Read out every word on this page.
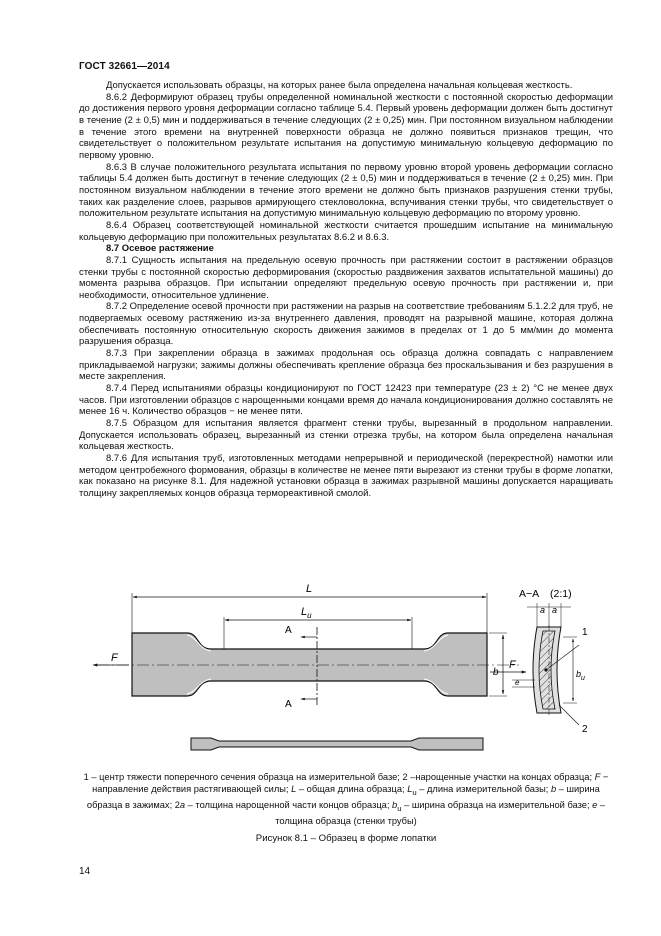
ГОСТ 32661—2014

Допускается использовать образцы, на которых ранее была определена начальная кольцевая жесткость.

8.6.2 Деформируют образец трубы определенной номинальной жесткости с постоянной скоростью деформации до достижения первого уровня деформации согласно таблице 5.4. Первый уровень деформации должен быть достигнут в течение (2 ± 0,5) мин и поддерживаться в течение следующих (2 ± 0,25) мин. При постоянном визуальном наблюдении в течение этого времени на внутренней поверхности образца не должно появиться признаков трещин, что свидетельствует о положительном результате испытания на допустимую минимальную кольцевую деформацию по первому уровню.

8.6.3 В случае положительного результата испытания по первому уровню второй уровень деформации согласно таблицы 5.4 должен быть достигнут в течение следующих (2 ± 0,5) мин и поддерживаться в течение (2 ± 0,25) мин. При постоянном визуальном наблюдении в течение этого времени не должно быть признаков разрушения стенки трубы, таких как разделение слоев, разрывов армирующего стекловолокна, вспучивания стенки трубы, что свидетельствует о положительном результате испытания на допустимую минимальную кольцевую деформацию по второму уровню.

8.6.4 Образец соответствующей номинальной жесткости считается прошедшим испытание на минимальную кольцевую деформацию при положительных результатах 8.6.2 и 8.6.3.

8.7 Осевое растяжение

8.7.1 Сущность испытания на предельную осевую прочность при растяжении состоит в растяжении образцов стенки трубы с постоянной скоростью деформирования (скоростью раздвижения захватов испытательной машины) до момента разрыва образцов. При испытании определяют предельную осевую прочность при растяжении и, при необходимости, относительное удлинение.

8.7.2 Определение осевой прочности при растяжении на разрыв на соответствие требованиям 5.1.2.2 для труб, не подвергаемых осевому растяжению из-за внутреннего давления, проводят на разрывной машине, которая должна обеспечивать постоянную относительную скорость движения зажимов в пределах от 1 до 5 мм/мин до момента разрушения образца.

8.7.3 При закреплении образца в зажимах продольная ось образца должна совпадать с направлением прикладываемой нагрузки; зажимы должны обеспечивать крепление образца без проскальзывания и без разрушения в месте закрепления.

8.7.4 Перед испытаниями образцы кондиционируют по ГОСТ 12423 при температуре (23 ± 2) °С не менее двух часов. При изготовлении образцов с нарощенными концами время до начала кондиционирования должно составлять не менее 16 ч. Количество образцов − не менее пяти.

8.7.5 Образцом для испытания является фрагмент стенки трубы, вырезанный в продольном направлении. Допускается использовать образец, вырезанный из стенки отрезка трубы, на котором была определена начальная кольцевая жесткость.

8.7.6 Для испытания труб, изготовленных методами непрерывной и периодической (перекрестной) намотки или методом центробежного формования, образцы в количестве не менее пяти вырезают из стенки трубы в форме лопатки, как показано на рисунке 8.1. Для надежной установки образца в зажимах разрывной машины допускается наращивать толщину закрепляемых концов образца термореактивной смолой.

L
$L_u$
F
F
А
А
b
А−А (2:1)
a a
1
2
$b_u$
e
1 – центр тяжести поперечного сечения образца на измерительной базе; 2 –нарощенные участки на концах образца; F − направление действия растягивающей силы; L – общая длина образца; $L_u$ – длина измерительной базы; b – ширина образца в зажимах; 2a – толщина нарощенной части концов образца; $b_u$ – ширина образца на измерительной базе; e – толщина образца (стенки трубы)
Рисунок 8.1 – Образец в форме лопатки
14
